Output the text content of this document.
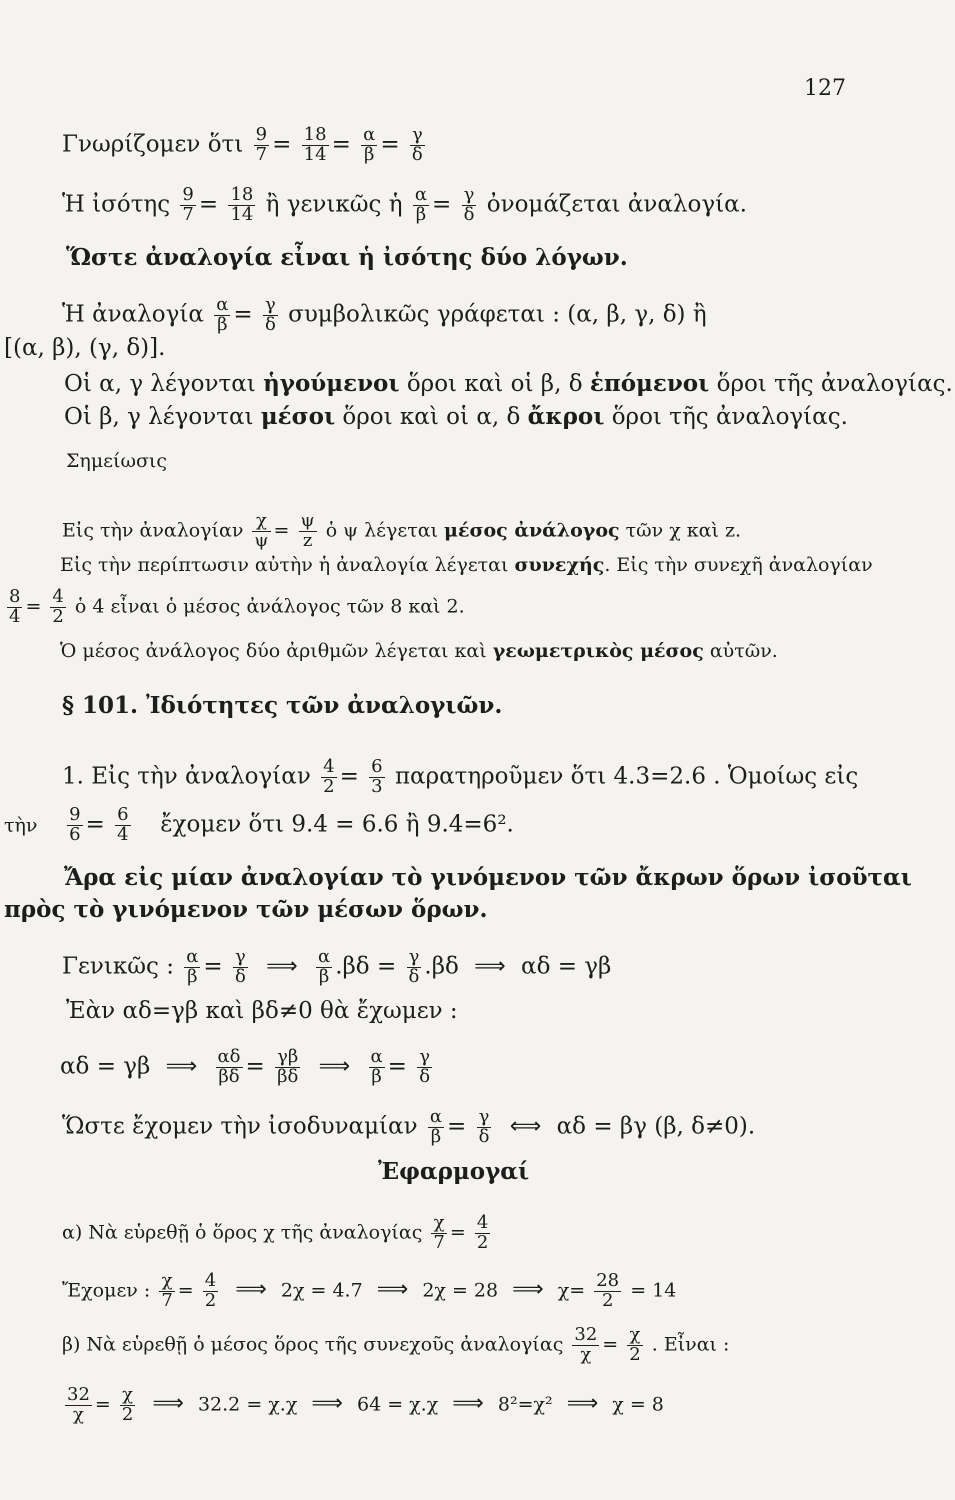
127
Γνωρίζομεν ὅτι $\frac{9}{7} = \frac{18}{14} = \frac{\alpha}{\beta} = \frac{\gamma}{\delta}$
Ἡ ἰσότης $\frac{9}{7} = \frac{18}{14}$ ἢ γενικῶς ἡ $\frac{\alpha}{\beta} = \frac{\gamma}{\delta}$ ὀνομάζεται ἀναλογία.
Ὥστε ἀναλογία εἶναι ἡ ἰσότης δύο λόγων.
Ἡ ἀναλογία $\frac{\alpha}{\beta} = \frac{\gamma}{\delta}$ συμβολικῶς γράφεται : (α, β, γ, δ) ἢ
[(α, β), (γ, δ)].
Οἱ α, γ λέγονται ἡγούμενοι ὅροι καὶ οἱ β, δ ἑπόμενοι ὅροι τῆς ἀναλογίας.
Οἱ β, γ λέγονται μέσοι ὅροι καὶ οἱ α, δ ἄκροι ὅροι τῆς ἀναλογίας.
Σημείωσις
Εἰς τὴν ἀναλογίαν $\frac{\chi}{\psi} = \frac{\psi}{z}$ ὁ ψ λέγεται μέσος ἀνάλογος τῶν χ καὶ z.
Εἰς τὴν περίπτωσιν αὐτὴν ἡ ἀναλογία λέγεται συνεχής. Εἰς τὴν συνεχῆ ἀναλογίαν
$\frac{8}{4} = \frac{4}{2}$ ὁ 4 εἶναι ὁ μέσος ἀνάλογος τῶν 8 καὶ 2.
Ὁ μέσος ἀνάλογος δύο ἀριθμῶν λέγεται καὶ γεωμετρικὸς μέσος αὐτῶν.
§ 101. Ἰδιότητες τῶν ἀναλογιῶν.
1. Εἰς τὴν ἀναλογίαν $\frac{4}{2} = \frac{6}{3}$ παρατηροῦμεν ὅτι 4.3=2.6 . Ὁμοίως εἰς
τὴν $\frac{9}{6} = \frac{6}{4}$ ἔχομεν ὅτι 9.4 = 6.6 ἢ 9.4=6².
Ἄρα εἰς μίαν ἀναλογίαν τὸ γινόμενον τῶν ἄκρων ὅρων ἰσοῦται
πρὸς τὸ γινόμενον τῶν μέσων ὅρων.
Γενικῶς : $\frac{\alpha}{\beta} = \frac{\gamma}{\delta}$ ⟹ $\frac{\alpha}{\beta} .\beta\delta = \frac{\gamma}{\delta} .\beta\delta$ ⟹ αδ = γβ
Ἐὰν αδ=γβ καὶ βδ≠0 θὰ ἔχωμεν :
αδ = γβ ⟹ $\frac{\alpha\delta}{\beta\delta} = \frac{\gamma\beta}{\beta\delta}$ ⟹ $\frac{\alpha}{\beta} = \frac{\gamma}{\delta}$
Ὥστε ἔχομεν τὴν ἰσοδυναμίαν $\frac{\alpha}{\beta} = \frac{\gamma}{\delta}$ ⟺ αδ = βγ (β, δ≠0).
Ἐφαρμογαί
α) Νὰ εὑρεθῇ ὁ ὅρος χ τῆς ἀναλογίας $\frac{\chi}{7} = \frac{4}{2}$
Ἔχομεν : $\frac{\chi}{7} = \frac{4}{2}$ ⟹ 2χ = 4.7 ⟹ 2χ = 28 ⟹ $\chi= \frac{28}{2} = 14$
β) Νὰ εὑρεθῇ ὁ μέσος ὅρος τῆς συνεχοῦς ἀναλογίας $\frac{32}{\chi} = \frac{\chi}{2}$ . Εἶναι :
$\frac{32}{\chi} = \frac{\chi}{2}$ ⟹ 32.2 = χ.χ ⟹ 64 = χ.χ ⟹ 8²=χ² ⟹ χ = 8
